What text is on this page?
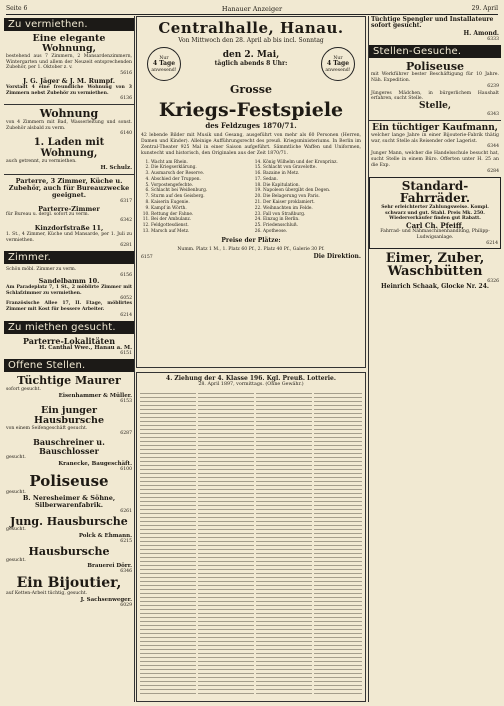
Seite 6	Hanauer Anzeiger	29. April
Zu vermiethen.
Eine elegante Wohnung,
bestehend aus 7 Zimmern, 2 Mansardenzimmern, Wintergarten und allem der Neuzeit entsprechenden Zubehör, per 1. Oktober z. v.
5616
J. G. Jäger & J. M. Rumpf.
Vorstadt 4 eine freundliche Wohnung von 3 Zimmern nebst Zubehör zu vermiethen.
6136
Wohnung
von 4 Zimmern mit Bad, Wasserleitung und sonst. Zubehör alsbald zu verm.
6140
1. Laden mit Wohnung,
auch getrennt, zu vermiethen.
H. Schulz.
Parterre, 3 Zimmer, Küche u. Zubehör, auch für Bureauzwecke geeignet.
6317
Parterre-Zimmer
für Bureau u. dergl. sofort zu verm.
6342
Kinzdorfstraße 11,
1. St., 4 Zimmer, Küche und Mansarde, per 1. Juli zu vermiethen.
6281
Zimmer.
Schön möbl. Zimmer zu verm.
6156
Sandelbamm 10.
Am Paradeplatz 7, 1 St., 2 möblirte Zimmer mit Schlafzimmer zu vermiethen.
6052
Französische Allee 17, II. Etage, möblirtes Zimmer mit Kost für bessere Arbeiter.
6214
Zu miethen gesucht.
Parterre-Lokalitäten
H. Canthal Wwe., Hanau a. M.
6151
Offene Stellen.
Tüchtige Maurer
sofort gesucht.
Eisenhammer & Müller.
6153
Ein junger Hausbursche
von einem Seifengeschäft gesucht.
6287
Bauschreiner u. Bauschlosser
gesucht.
Kranecke, Baugeschäft.
6100
Poliseuse
gesucht.
B. Neresheimer & Söhne, Silberwarenfabrik.
6261
Jung. Hausbursche
gesucht.
Polck & Ehmann.
6215
Hausbursche
gesucht.
Brauerei Dörr.
6346
Ein Bijoutier,
auf Ketten-Arbeit tüchtig, gesucht.
J. Sachsenweger.
6029
Centralhalle, Hanau.
Von Mittwoch den 28. April ab bis incl. Sonntag
Nur
4 Tage
anwesend!
den 2. Mai,
täglich abends 8 Uhr:
Nur
4 Tage
anwesend!
Grosse
Kriegs-Festspiele
des Feldzuges 1870/71.
42 lebende Bilder mit Musik und Gesang, ausgeführt von mehr als 60 Personen (Herren, Damen und Kinder). Alleinige Aufführungsrecht des preuß. Kriegsministeriums. In Berlin im Zentral-Theater 925 Mal in einer Saison aufgeführt. Sämmtliche Waffen und Uniformen, kunstecht und historisch, den Originalen aus der Zeit 1870/71.
1. Wacht am Rhein.
2. Die Kriegserklärung.
3. Ausmarsch der Reserve.
4. Abschied der Truppen.
5. Vorpostengefechte.
6. Schlacht bei Weißenburg.
7. Sturm auf den Geisberg.
8. Kaiserin Eugenie.
9. Kampf in Wörth.
10. Rettung der Fahne.
11. Bei der Ambulanz.
12. Feldgottesdienst.
13. Marsch auf Metz.
14. König Wilhelm und der Kronprinz.
15. Schlacht von Gravelotte.
16. Bazaine in Metz.
17. Sedan.
18. Die Kapitulation.
19. Napoleon übergibt den Degen.
20. Die Belagerung von Paris.
21. Der Kaiser proklamiert.
22. Weihnachten im Felde.
23. Fall von Straßburg.
24. Einzug in Berlin.
25. Friedensschluß.
26. Apotheose.
Preise der Plätze:
Numm. Platz 1 M., 1. Platz 60 Pf., 2. Platz 40 Pf., Galerie 30 Pf.
6157	Die Direktion.
4. Ziehung der 4. Klasse 196. Kgl. Preuß. Lotterie.
28. April 1897, vormittags. (Ohne Gewähr.)
Tüchtige Spengler und Installateure sofort gesucht.
H. Amond.
6333
Stellen-Gesuche.
Poliseuse
mit Werkführer bester Beschäftigung für 10 Jahre. Näh. Expedition.
6239
Jüngeres Mädchen, in bürgerlichem Haushalt erfahren, sucht Stelle.
Stelle,
6343
Ein tüchtiger Kaufmann,
welcher lange Jahre in einer Bijouterie-Fabrik thätig war, sucht Stelle als Reisender oder Lagerist.
6344
Junger Mann, welcher die Handelsschule besucht hat, sucht Stelle in einem Büro. Offerten unter H. 25 an die Exp.
6284
Standard-Fahrräder.
Sehr erleichterter Zahlungsweise. Kompl. schwarz und gut. Stahl. Preis Mk. 250. Wiederverkäufer finden gut Rabatt.
Carl Ch. Pfeiff,
Fahrrad- und Nähmaschinenhandlung, Philipp-Ludwigsanlage.
6214
Eimer, Zuber, Waschbütten
6326
Heinrich Schaak, Glocke Nr. 24.
